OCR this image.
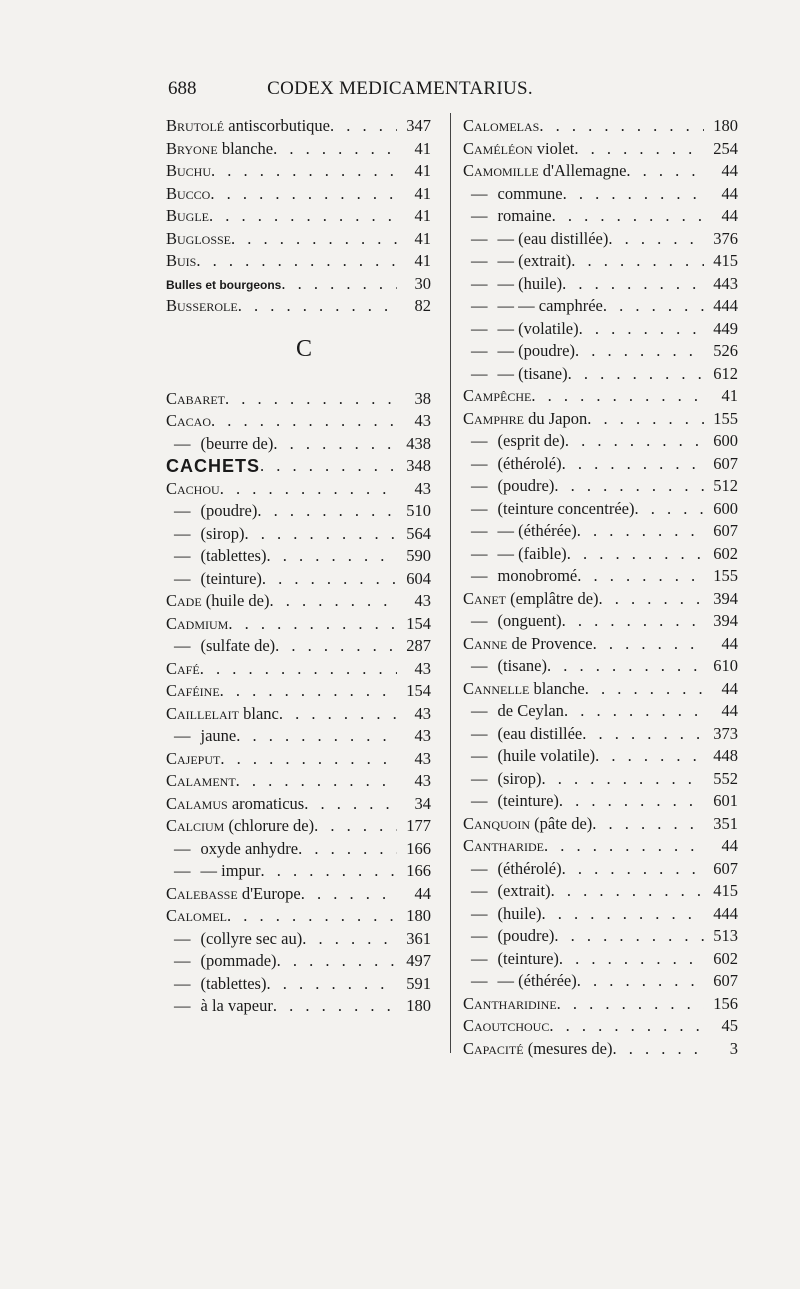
688	CODEX MEDICAMENTARIUS.
Brutolé antiscorbutique . . .	347
Bryone blanche . . .	41
Buchu . . .	41
Bucco . . .	41
Bugle . . .	41
Buglosse . . .	41
Buis . . .	41
Bulles et bourgeons . . .	30
Busserole . . .	82
C
Cabaret . . .	38
Cacao . . .	43
— (beurre de) . . .	438
CACHETS . . .	348
Cachou . . .	43
— (poudre) . . .	510
— (sirop) . . .	564
— (tablettes) . . .	590
— (teinture) . . .	604
Cade (huile de) . . .	43
Cadmium . . .	154
— (sulfate de) . . .	287
Café . . .	43
Caféine . . .	154
Caillelait blanc . . .	43
— jaune . . .	43
Cajeput . . .	43
Calament . . .	43
Calamus aromaticus . . .	34
Calcium (chlorure de) . . .	177
— oxyde anhydre . . .	166
— — impur . . .	166
Calebasse d'Europe . . .	44
Calomel . . .	180
— (collyre sec au) . . .	361
— (pommade) . . .	497
— (tablettes) . . .	591
— à la vapeur . . .	180
Calomelas . . .	180
Caméléon violet . . .	254
Camomille d'Allemagne . . .	44
— commune . . .	44
— romaine . . .	44
— — (eau distillée) . . .	376
— — (extrait) . . .	415
— — (huile) . . .	443
— — — camphrée . . .	444
— — (volatile) . . .	449
— — (poudre) . . .	526
— — (tisane) . . .	612
Campêche . . .	41
Camphre du Japon . . .	155
— (esprit de) . . .	600
— (éthérolé) . . .	607
— (poudre) . . .	512
— (teinture concentrée) . . .	600
— — (éthérée) . . .	607
— — (faible) . . .	602
— monobromé . . .	155
Canet (emplâtre de) . . .	394
— (onguent) . . .	394
Canne de Provence . . .	44
— (tisane) . . .	610
Cannelle blanche . . .	44
— de Ceylan . . .	44
— (eau distillée . . .	373
— (huile volatile) . . .	448
— (sirop) . . .	552
— (teinture) . . .	601
Canquoin (pâte de) . . .	351
Cantharide . . .	44
— (éthérolé) . . .	607
— (extrait) . . .	415
— (huile) . . .	444
— (poudre) . . .	513
— (teinture) . . .	602
— — (éthérée) . . .	607
Cantharidine . . .	156
Caoutchouc . . .	45
Capacité (mesures de) . . .	3
